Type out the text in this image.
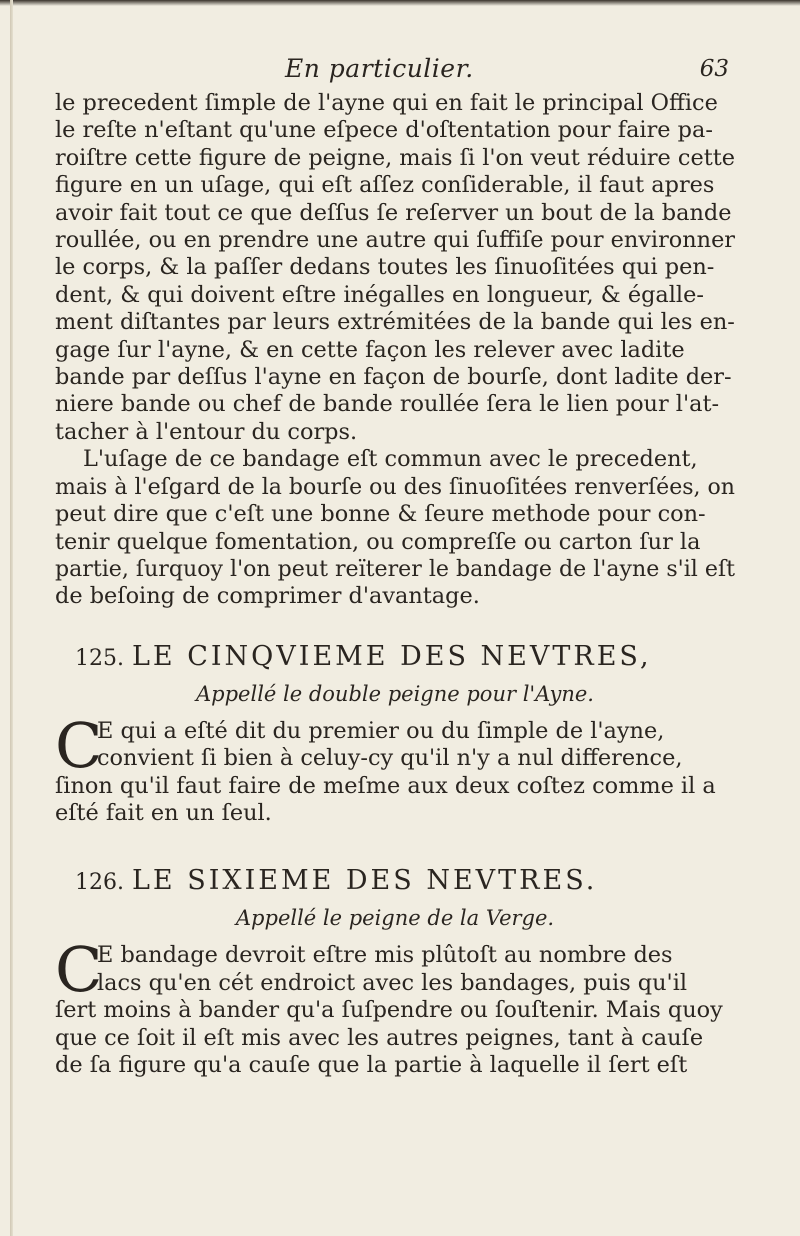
En particulier.	63

le precedent ſimple de l'ayne qui en fait le principal Office
le reſte n'eſtant qu'une eſpece d'oſtentation pour faire pa-
roiſtre cette figure de peigne, mais ſi l'on veut réduire cette
figure en un uſage, qui eſt aſſez conſiderable, il faut apres
avoir fait tout ce que deſſus ſe reſerver un bout de la bande
roullée, ou en prendre une autre qui ſuffiſe pour environner
le corps, & la paſſer dedans toutes les ſinuoſitées qui pen-
dent, & qui doivent eſtre inégalles en longueur, & égalle-
ment diſtantes par leurs extrémitées de la bande qui les en-
gage ſur l'ayne, & en cette façon les relever avec ladite
bande par deſſus l'ayne en façon de bourſe, dont ladite der-
niere bande ou chef de bande roullée ſera le lien pour l'at-
tacher à l'entour du corps.

L'uſage de ce bandage eſt commun avec le precedent,
mais à l'eſgard de la bourſe ou des ſinuoſitées renverſées, on
peut dire que c'eſt une bonne & ſeure methode pour con-
tenir quelque fomentation, ou compreſſe ou carton ſur la
partie, ſurquoy l'on peut reïterer le bandage de l'ayne s'il eſt
de beſoing de comprimer d'avantage.

125. LE CINQVIEME DES NEVTRES,
Appellé le double peigne pour l'Ayne.
C
E qui a eſté dit du premier ou du ſimple de l'ayne,
convient ſi bien à celuy-cy qu'il n'y a nul difference,
ſinon qu'il faut faire de meſme aux deux coſtez comme il a
eſté fait en un ſeul.
126. LE SIXIEME DES NEVTRES.
Appellé le peigne de la Verge.
C
E bandage devroit eſtre mis plûtoſt au nombre des
lacs qu'en cét endroict avec les bandages, puis qu'il
ſert moins à bander qu'a ſuſpendre ou ſouſtenir. Mais quoy
que ce ſoit il eſt mis avec les autres peignes, tant à cauſe
de ſa figure qu'a cauſe que la partie à laquelle il ſert eſt
